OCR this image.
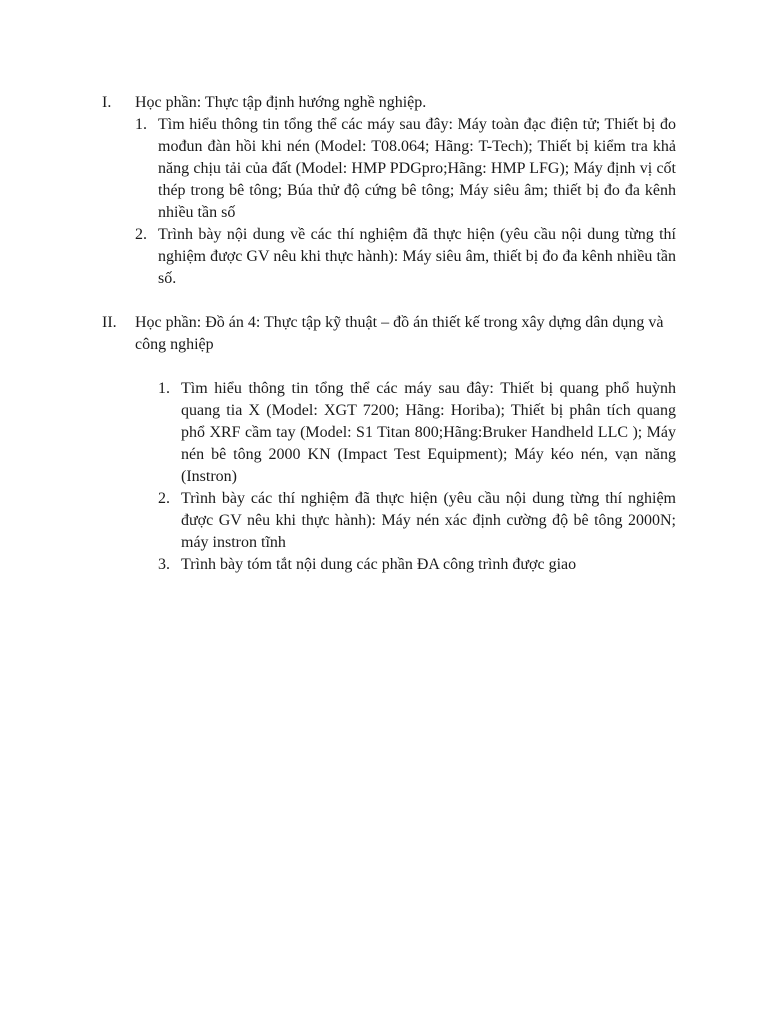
I. Học phần: Thực tập định hướng nghề nghiệp.
1. Tìm hiểu thông tin tổng thể các máy sau đây: Máy toàn đạc điện tử; Thiết bị đo mođun đàn hồi khi nén (Model: T08.064; Hãng: T-Tech); Thiết bị kiểm tra khả năng chịu tải của đất (Model: HMP PDGpro;Hãng: HMP LFG); Máy định vị cốt thép trong bê tông; Búa thử độ cứng bê tông; Máy siêu âm; thiết bị đo đa kênh nhiều tần số
2. Trình bày nội dung về các thí nghiệm đã thực hiện (yêu cầu nội dung từng thí nghiệm được GV nêu khi thực hành): Máy siêu âm, thiết bị đo đa kênh nhiều tần số.
II. Học phần: Đồ án 4: Thực tập kỹ thuật – đồ án thiết kế trong xây dựng dân dụng và công nghiệp
1. Tìm hiểu thông tin tổng thể các máy sau đây: Thiết bị quang phổ huỳnh quang tia X (Model: XGT 7200; Hãng: Horiba); Thiết bị phân tích quang phổ XRF cầm tay (Model: S1 Titan 800;Hãng:Bruker Handheld LLC ); Máy nén bê tông 2000 KN (Impact Test Equipment); Máy kéo nén, vạn năng (Instron)
2. Trình bày các thí nghiệm đã thực hiện (yêu cầu nội dung từng thí nghiệm được GV nêu khi thực hành): Máy nén xác định cường độ bê tông 2000N; máy instron tĩnh
3. Trình bày tóm tắt nội dung các phần ĐA công trình được giao
